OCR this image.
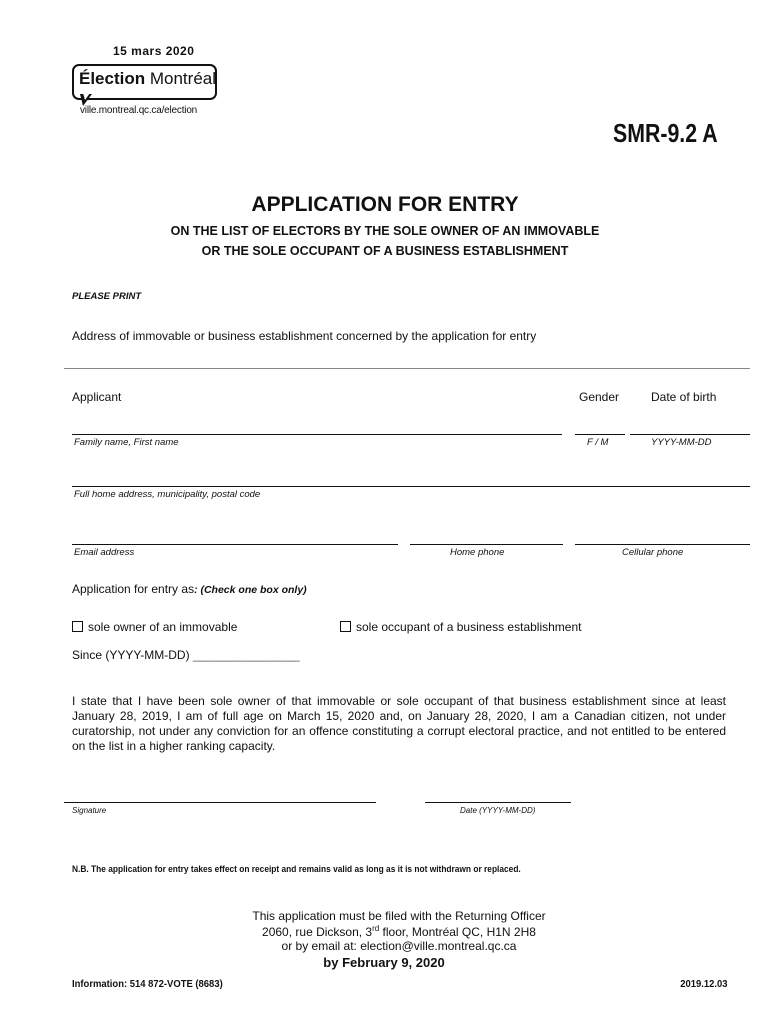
15 mars 2020
Élection Montréal
ville.montreal.qc.ca/election
SMR-9.2 A
APPLICATION FOR ENTRY
ON THE LIST OF ELECTORS BY THE SOLE OWNER OF AN IMMOVABLE
OR THE SOLE OCCUPANT OF A BUSINESS ESTABLISHMENT
PLEASE PRINT
Address of immovable or business establishment concerned by the application for entry
Applicant	Gender	Date of birth
Family name, First name	F / M	YYYY-MM-DD
Full home address, municipality, postal code
Email address	Home phone	Cellular phone
Application for entry as: (Check one box only)
sole owner of an immovable	sole occupant of a business establishment
Since (YYYY-MM-DD) ________________
I state that I have been sole owner of that immovable or sole occupant of that business establishment since at least January 28, 2019, I am of full age on March 15, 2020 and, on January 28, 2020, I am a Canadian citizen, not under curatorship, not under any conviction for an offence constituting a corrupt electoral practice, and not entitled to be entered on the list in a higher ranking capacity.
Signature	Date (YYYY-MM-DD)
N.B. The application for entry takes effect on receipt and remains valid as long as it is not withdrawn or replaced.
This application must be filed with the Returning Officer
2060, rue Dickson, 3rd floor, Montréal QC, H1N 2H8
or by email at: election@ville.montreal.qc.ca
by February 9, 2020
Information: 514 872-VOTE (8683)	2019.12.03
